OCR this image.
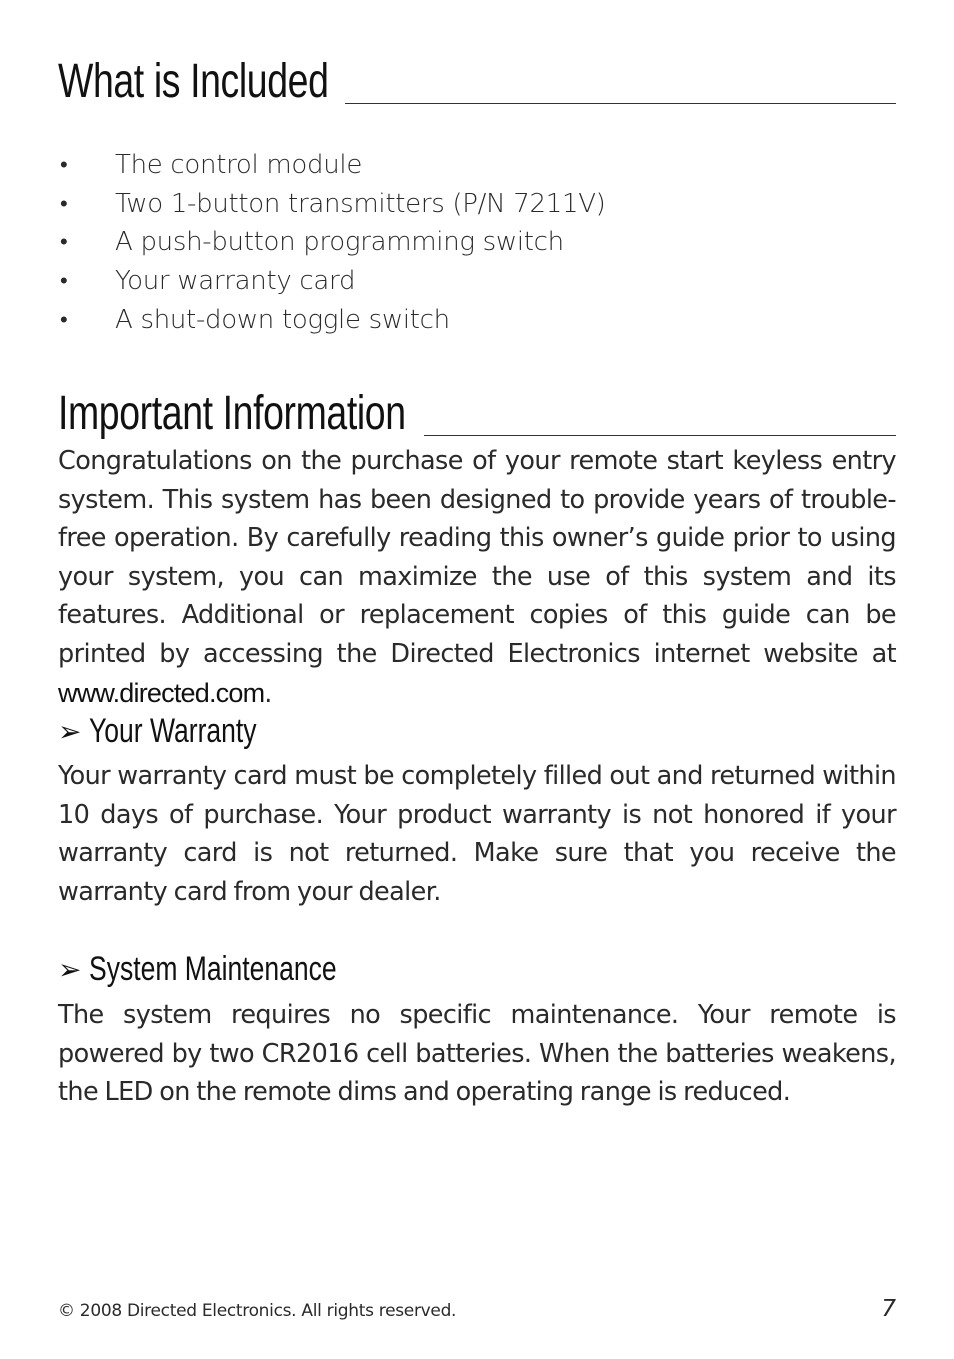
What is Included
•	The control module
•	Two 1-button transmitters (P/N 7211V)
•	A push-button programming switch
•	Your warranty card
•	A shut-down toggle switch
Important Information

Congratulations on the purchase of your remote start keyless entry system. This system has been designed to provide years of trouble-free operation. By carefully reading this owner’s guide prior to using your system, you can maximize the use of this system and its features. Additional or replacement copies of this guide can be printed by accessing the Directed Electronics internet website at www.directed.com.

➢ Your Warranty

Your warranty card must be completely filled out and returned within 10 days of purchase. Your product warranty is not honored if your warranty card is not returned. Make sure that you receive the warranty card from your dealer.

➢ System Maintenance

The system requires no specific maintenance. Your remote is powered by two CR2016 cell batteries. When the batteries weakens, the LED on the remote dims and operating range is reduced.

© 2008 Directed Electronics. All rights reserved.	7
